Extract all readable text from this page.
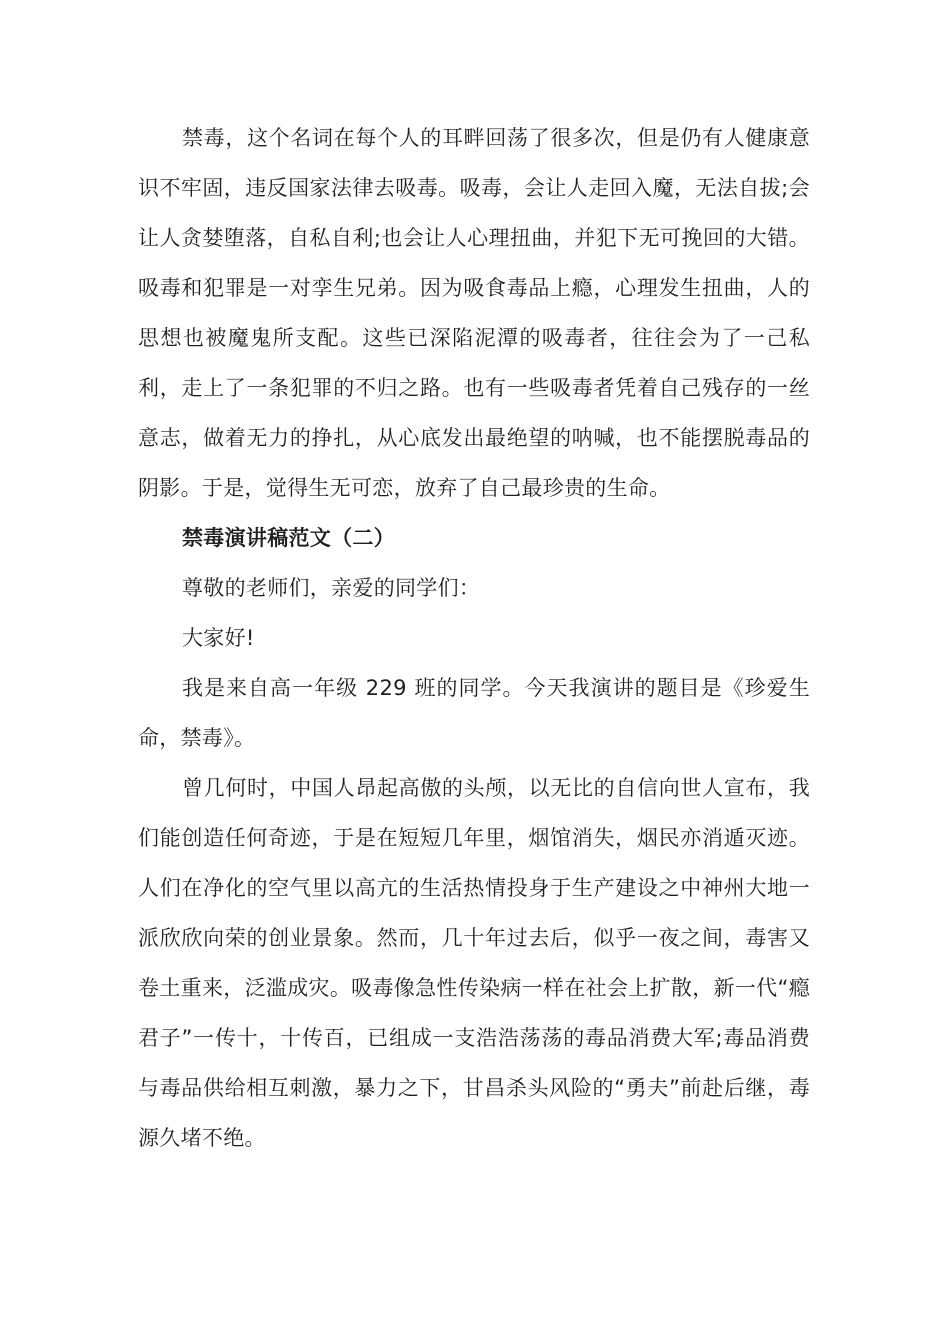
禁毒，这个名词在每个人的耳畔回荡了很多次，但是仍有人健康意识不牢固，违反国家法律去吸毒。吸毒，会让人走回入魔，无法自拔;会让人贪婪堕落，自私自利;也会让人心理扭曲，并犯下无可挽回的大错。吸毒和犯罪是一对孪生兄弟。因为吸食毒品上瘾，心理发生扭曲，人的思想也被魔鬼所支配。这些已深陷泥潭的吸毒者，往往会为了一己私利，走上了一条犯罪的不归之路。也有一些吸毒者凭着自己残存的一丝意志，做着无力的挣扎，从心底发出最绝望的呐喊，也不能摆脱毒品的阴影。于是，觉得生无可恋，放弃了自己最珍贵的生命。

禁毒演讲稿范文（二）

尊敬的老师们，亲爱的同学们：

大家好!

我是来自高一年级 229 班的同学。今天我演讲的题目是《珍爱生命，禁毒》。

曾几何时，中国人昂起高傲的头颅，以无比的自信向世人宣布，我们能创造任何奇迹，于是在短短几年里，烟馆消失，烟民亦消遁灭迹。人们在净化的空气里以高亢的生活热情投身于生产建设之中神州大地一派欣欣向荣的创业景象。然而，几十年过去后，似乎一夜之间，毒害又卷土重来，泛滥成灾。吸毒像急性传染病一样在社会上扩散，新一代“瘾君子”一传十，十传百，已组成一支浩浩荡荡的毒品消费大军;毒品消费与毒品供给相互刺激，暴力之下，甘昌杀头风险的“勇夫”前赴后继，毒源久堵不绝。
